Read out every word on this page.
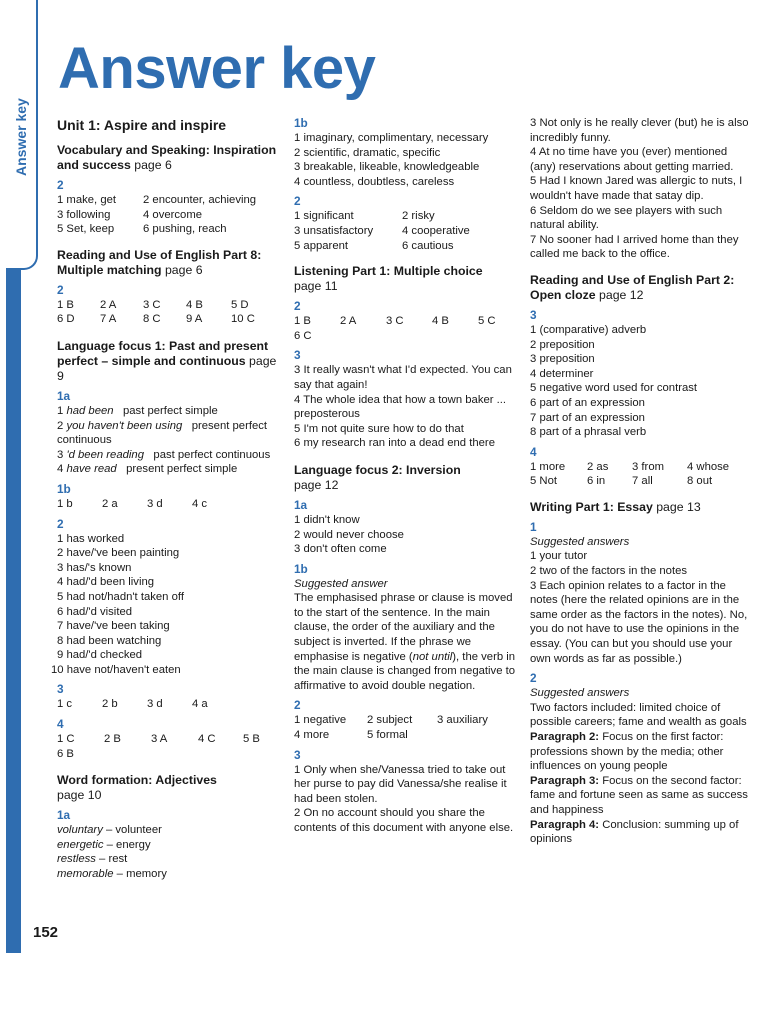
Answer key
Answer key
Unit 1: Aspire and inspire
Vocabulary and Speaking: Inspiration and success page 6
2
1 make, get	2 encounter, achieving
3 following	4 overcome
5 Set, keep	6 pushing, reach
Reading and Use of English Part 8: Multiple matching page 6
2
1 B	2 A	3 C	4 B	5 D
6 D	7 A	8 C	9 A	10 C
Language focus 1: Past and present perfect – simple and continuous page 9
1a

1 had been past perfect simple

2 you haven't been using present perfect continuous

3 'd been reading past perfect continuous

4 have read present perfect simple

1b
1 b	2 a	3 d	4 c
2

1 has worked

2 have/'ve been painting

3 has/'s known

4 had/'d been living

5 had not/hadn't taken off

6 had/'d visited

7 have/'ve been taking

8 had been watching

9 had/'d checked

10 have not/haven't eaten

3
1 c	2 b	3 d	4 a
4
1 C	2 B	3 A	4 C	5 B
6 B
Word formation: Adjectives
page 10
1a

voluntary – volunteer

energetic – energy

restless – rest

memorable – memory

1b

1 imaginary, complimentary, necessary

2 scientific, dramatic, specific

3 breakable, likeable, knowledgeable

4 countless, doubtless, careless

2
1 significant	2 risky
3 unsatisfactory	4 cooperative
5 apparent	6 cautious
Listening Part 1: Multiple choice
page 11
2
1 B	2 A	3 C	4 B	5 C
6 C
3

3 It really wasn't what I'd expected. You can say that again!

4 The whole idea that how a town baker ... preposterous

5 I'm not quite sure how to do that

6 my research ran into a dead end there

Language focus 2: Inversion
page 12
1a

1 didn't know

2 would never choose

3 don't often come

1b

Suggested answer

The emphasised phrase or clause is moved to the start of the sentence. In the main clause, the order of the auxiliary and the subject is inverted. If the phrase we emphasise is negative (not until), the verb in the main clause is changed from negative to affirmative to avoid double negation.

2
1 negative	2 subject	3 auxiliary
4 more	5 formal
3

1 Only when she/Vanessa tried to take out her purse to pay did Vanessa/she realise it had been stolen.

2 On no account should you share the contents of this document with anyone else.

3 Not only is he really clever (but) he is also incredibly funny.

4 At no time have you (ever) mentioned (any) reservations about getting married.

5 Had I known Jared was allergic to nuts, I wouldn't have made that satay dip.

6 Seldom do we see players with such natural ability.

7 No sooner had I arrived home than they called me back to the office.

Reading and Use of English Part 2: Open cloze page 12
3

1 (comparative) adverb

2 preposition

3 preposition

4 determiner

5 negative word used for contrast

6 part of an expression

7 part of an expression

8 part of a phrasal verb

4
1 more	2 as	3 from	4 whose
5 Not	6 in	7 all	8 out
Writing Part 1: Essay page 13
1

Suggested answers

1 your tutor

2 two of the factors in the notes

3 Each opinion relates to a factor in the notes (here the related opinions are in the same order as the factors in the notes). No, you do not have to use the opinions in the essay. (You can but you should use your own words as far as possible.)

2

Suggested answers

Two factors included: limited choice of possible careers; fame and wealth as goals

Paragraph 2: Focus on the first factor: professions shown by the media; other influences on young people

Paragraph 3: Focus on the second factor: fame and fortune seen as same as success and happiness

Paragraph 4: Conclusion: summing up of opinions

152
